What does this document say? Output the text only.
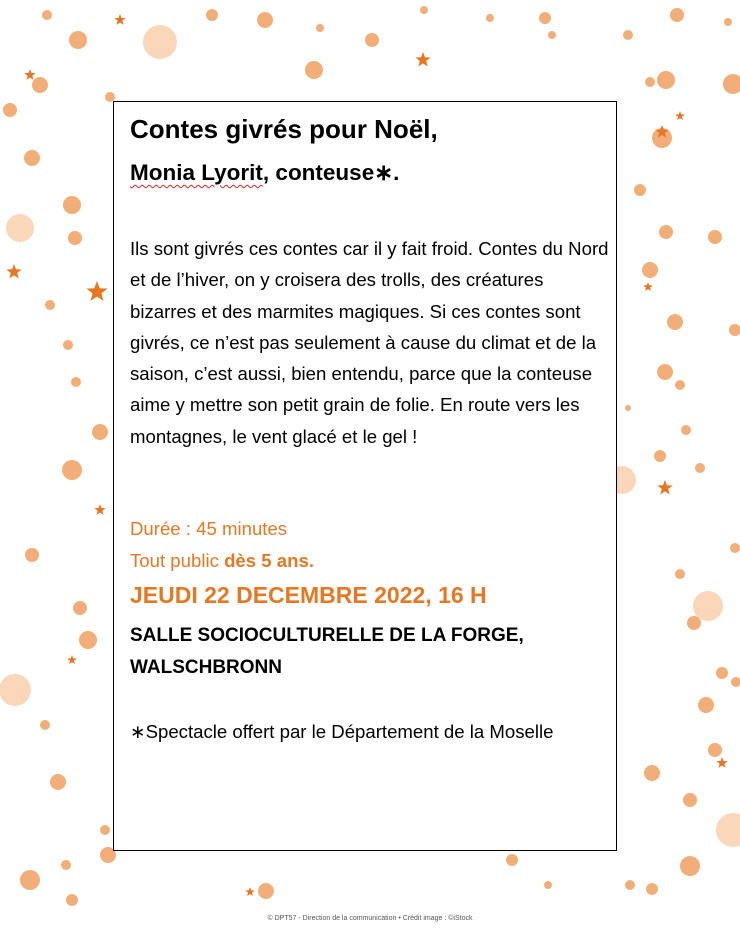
Contes givrés pour Noël,
Monia Lyorit, conteuse∗.
Ils sont givrés ces contes car il y fait froid. Contes du Nord et de l’hiver, on y croisera des trolls, des créatures bizarres et des marmites magiques. Si ces contes sont givrés, ce n’est pas seulement à cause du climat et de la saison, c’est aussi, bien entendu, parce que la conteuse aime y mettre son petit grain de folie. En route vers les montagnes, le vent glacé et le gel !
Durée : 45 minutes
Tout public dès 5 ans.
JEUDI 22 DECEMBRE 2022, 16 H
SALLE SOCIOCULTURELLE DE LA FORGE,
WALSCHBRONN
∗Spectacle offert par le Département de la Moselle
© DPT57 - Direction de la communication • Crédit image : ©iStock
